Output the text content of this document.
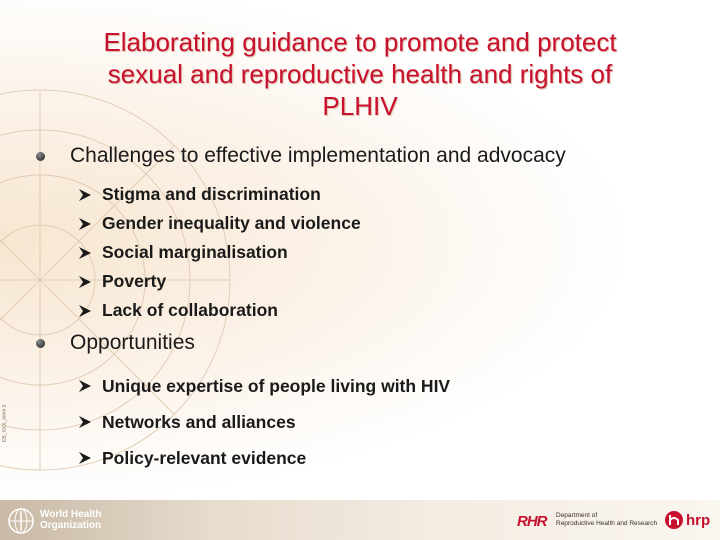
EB_XXX_####.9
Elaborating guidance to promote and protect
sexual and reproductive health and rights of
PLHIV
Challenges to effective implementation and advocacy
Stigma and discrimination
Gender inequality and violence
Social marginalisation
Poverty
Lack of collaboration
Opportunities
Unique expertise of people living with HIV
Networks and alliances
Policy-relevant evidence
World Health
Organization	RHR Department of
Reproductive Health and Research hrp
